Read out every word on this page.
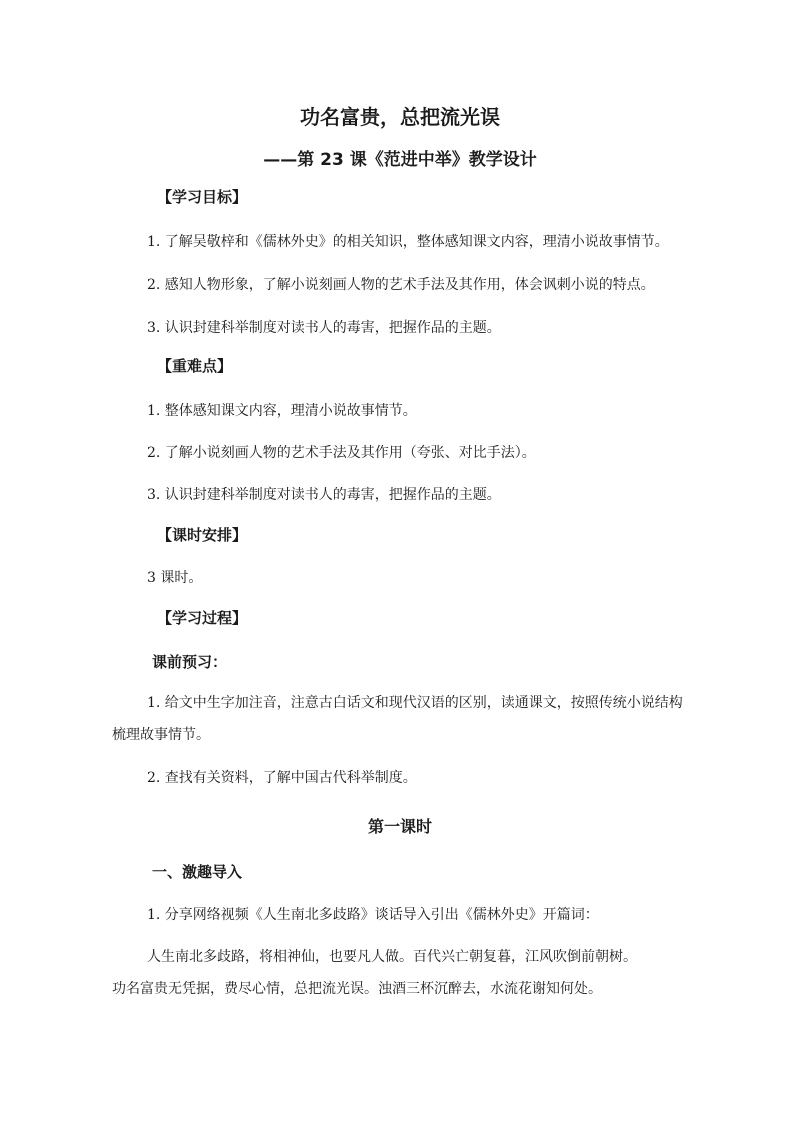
功名富贵，总把流光误
——第 23 课《范进中举》教学设计
【学习目标】
1. 了解吴敬梓和《儒林外史》的相关知识，整体感知课文内容，理清小说故事情节。
2. 感知人物形象，了解小说刻画人物的艺术手法及其作用，体会讽刺小说的特点。
3. 认识封建科举制度对读书人的毒害，把握作品的主题。
【重难点】
1. 整体感知课文内容，理清小说故事情节。
2. 了解小说刻画人物的艺术手法及其作用（夸张、对比手法）。
3. 认识封建科举制度对读书人的毒害，把握作品的主题。
【课时安排】
3 课时。
【学习过程】
课前预习：
1. 给文中生字加注音，注意古白话文和现代汉语的区别，读通课文，按照传统小说结构
梳理故事情节。
2. 查找有关资料，了解中国古代科举制度。
第一课时
一、激趣导入
1. 分享网络视频《人生南北多歧路》谈话导入引出《儒林外史》开篇词：
人生南北多歧路，将相神仙，也要凡人做。百代兴亡朝复暮，江风吹倒前朝树。
功名富贵无凭据，费尽心情，总把流光误。浊酒三杯沉醉去，水流花谢知何处。
